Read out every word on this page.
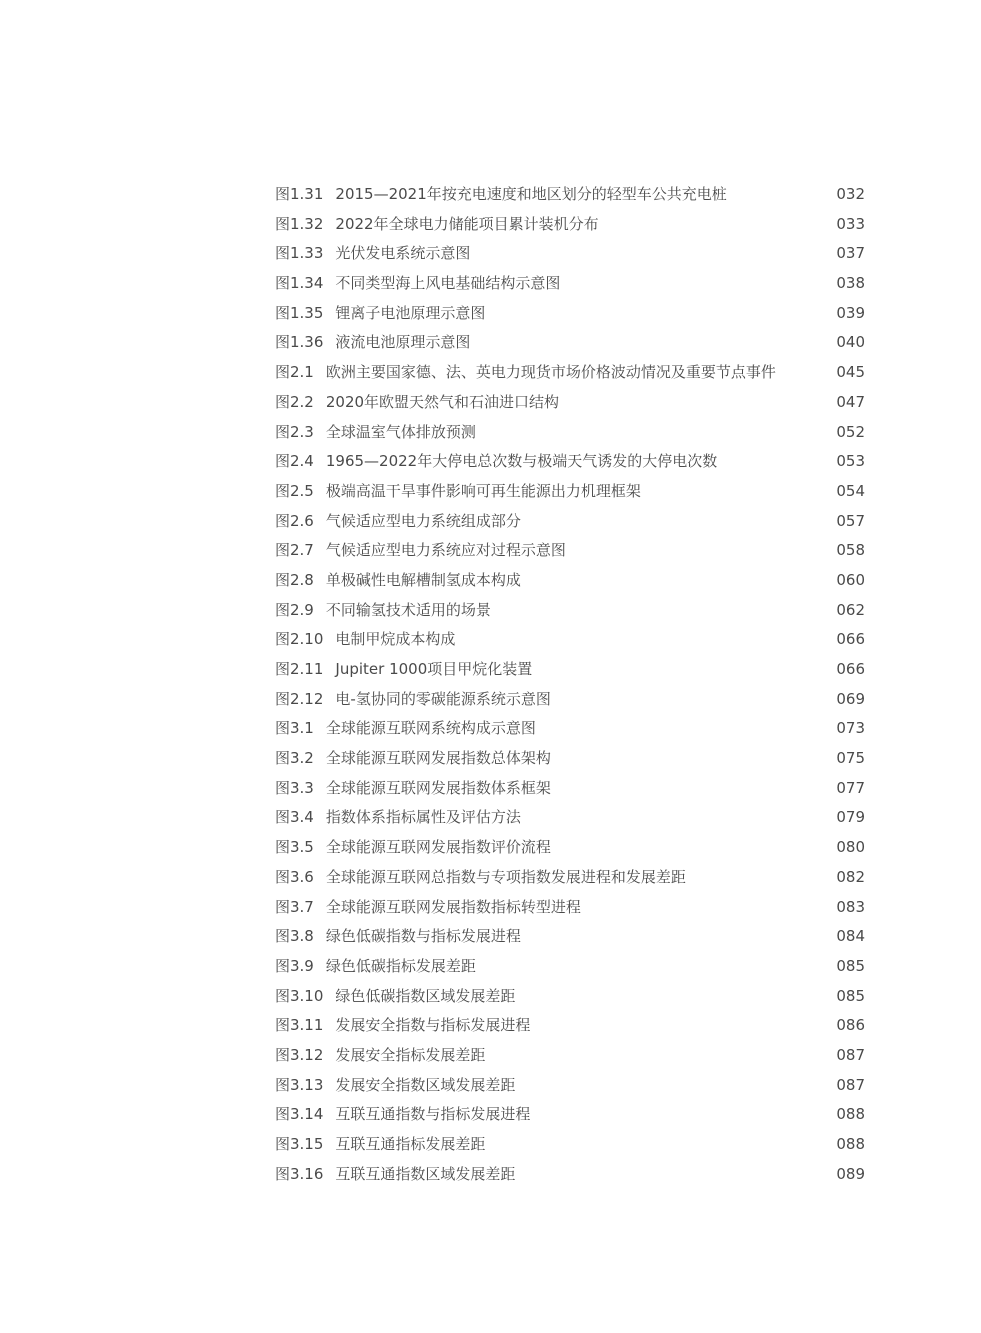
图1.31 2015—2021年按充电速度和地区划分的轻型车公共充电桩	032
图1.32 2022年全球电力储能项目累计装机分布	033
图1.33 光伏发电系统示意图	037
图1.34 不同类型海上风电基础结构示意图	038
图1.35 锂离子电池原理示意图	039
图1.36 液流电池原理示意图	040
图2.1 欧洲主要国家德、法、英电力现货市场价格波动情况及重要节点事件	045
图2.2 2020年欧盟天然气和石油进口结构	047
图2.3 全球温室气体排放预测	052
图2.4 1965—2022年大停电总次数与极端天气诱发的大停电次数	053
图2.5 极端高温干旱事件影响可再生能源出力机理框架	054
图2.6 气候适应型电力系统组成部分	057
图2.7 气候适应型电力系统应对过程示意图	058
图2.8 单极碱性电解槽制氢成本构成	060
图2.9 不同输氢技术适用的场景	062
图2.10 电制甲烷成本构成	066
图2.11 Jupiter 1000项目甲烷化装置	066
图2.12 电-氢协同的零碳能源系统示意图	069
图3.1 全球能源互联网系统构成示意图	073
图3.2 全球能源互联网发展指数总体架构	075
图3.3 全球能源互联网发展指数体系框架	077
图3.4 指数体系指标属性及评估方法	079
图3.5 全球能源互联网发展指数评价流程	080
图3.6 全球能源互联网总指数与专项指数发展进程和发展差距	082
图3.7 全球能源互联网发展指数指标转型进程	083
图3.8 绿色低碳指数与指标发展进程	084
图3.9 绿色低碳指标发展差距	085
图3.10 绿色低碳指数区域发展差距	085
图3.11 发展安全指数与指标发展进程	086
图3.12 发展安全指标发展差距	087
图3.13 发展安全指数区域发展差距	087
图3.14 互联互通指数与指标发展进程	088
图3.15 互联互通指标发展差距	088
图3.16 互联互通指数区域发展差距	089
